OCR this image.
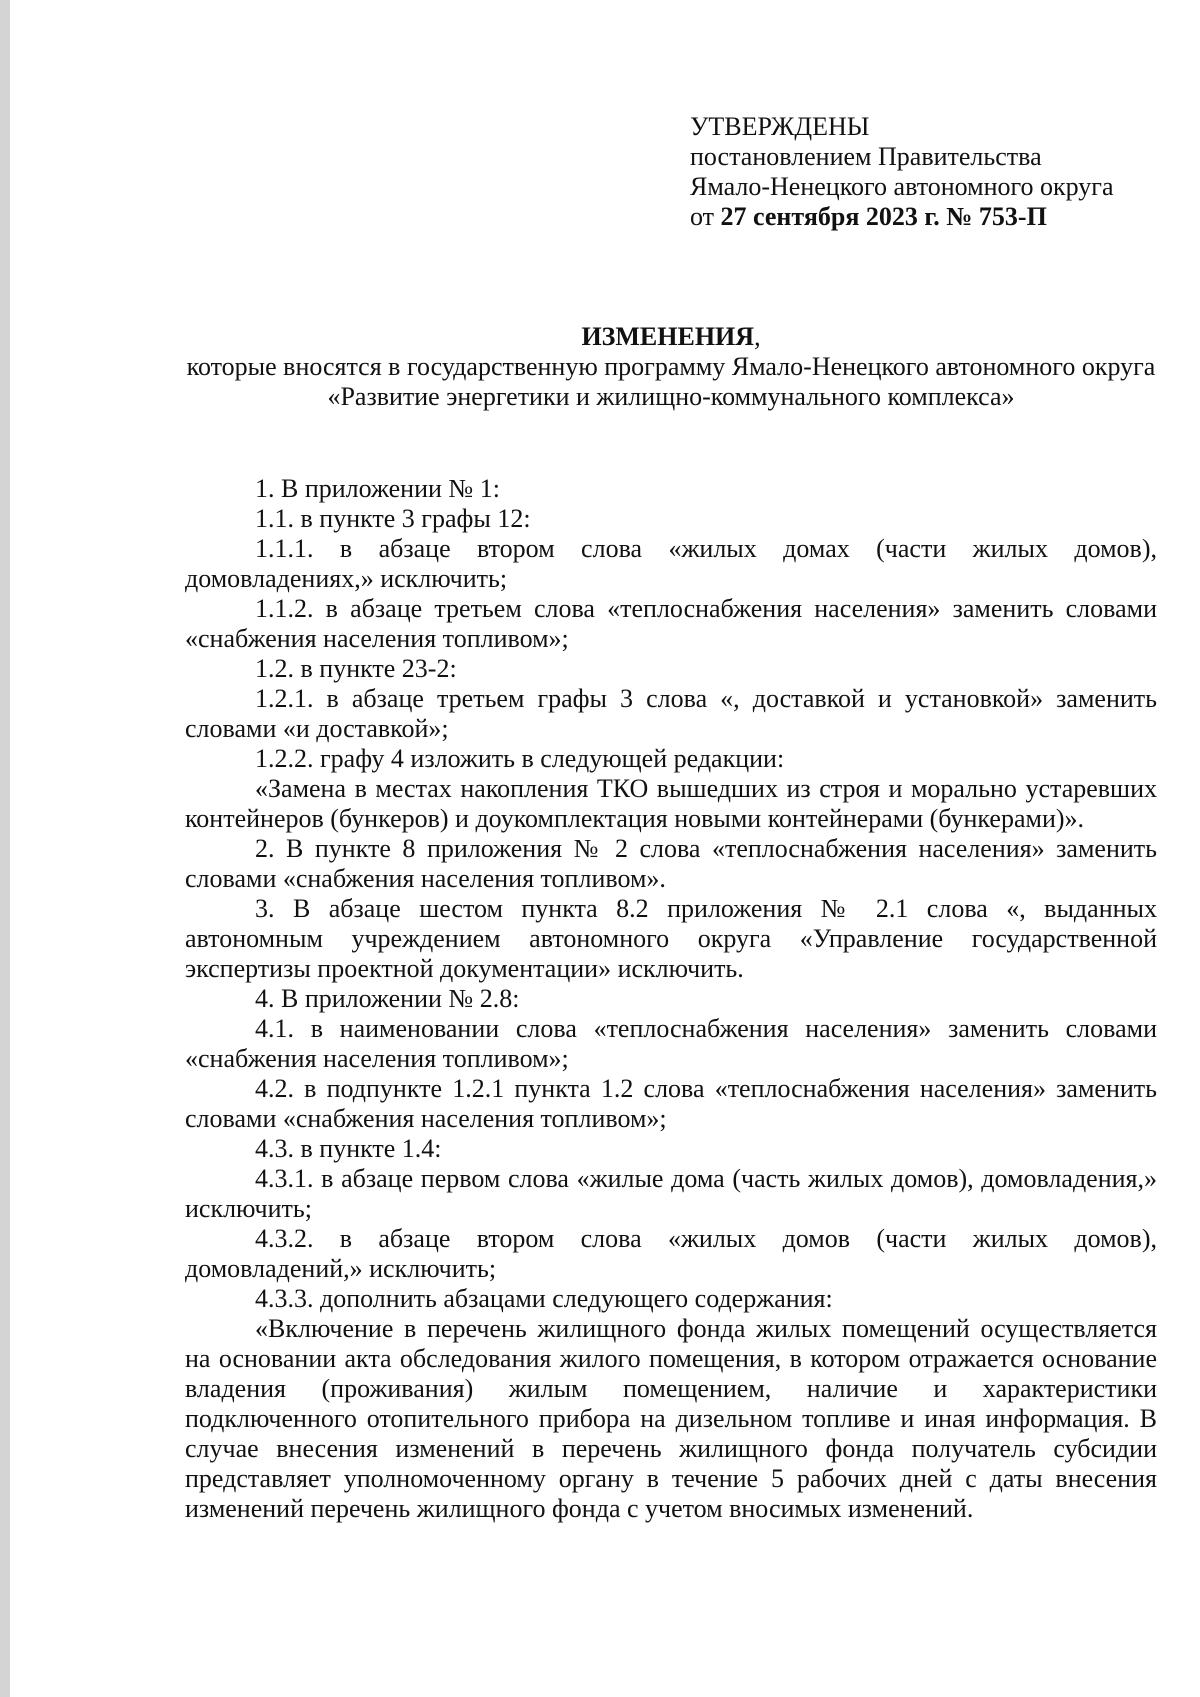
УТВЕРЖДЕНЫ

постановлением Правительства

Ямало-Ненецкого автономного округа

от 27 сентября 2023 г. № 753-П

ИЗМЕНЕНИЯ,
которые вносятся в государственную программу Ямало-Ненецкого автономного округа «Развитие энергетики и жилищно-коммунального комплекса»

1. В приложении № 1:

1.1. в пункте 3 графы 12:

1.1.1. в абзаце втором слова «жилых домах (части жилых домов), домовладениях,» исключить;

1.1.2. в абзаце третьем слова «теплоснабжения населения» заменить словами «снабжения населения топливом»;

1.2. в пункте 23-2:

1.2.1. в абзаце третьем графы 3 слова «, доставкой и установкой» заменить словами «и доставкой»;

1.2.2. графу 4 изложить в следующей редакции:

«Замена в местах накопления ТКО вышедших из строя и морально устаревших контейнеров (бункеров) и доукомплектация новыми контейнерами (бункерами)».

2. В пункте 8 приложения № 2 слова «теплоснабжения населения» заменить словами «снабжения населения топливом».

3. В абзаце шестом пункта 8.2 приложения № 2.1 слова «, выданных автономным учреждением автономного округа «Управление государственной экспертизы проектной документации» исключить.

4. В приложении № 2.8:

4.1. в наименовании слова «теплоснабжения населения» заменить словами «снабжения населения топливом»;

4.2. в подпункте 1.2.1 пункта 1.2 слова «теплоснабжения населения» заменить словами «снабжения населения топливом»;

4.3. в пункте 1.4:

4.3.1. в абзаце первом слова «жилые дома (часть жилых домов), домовладения,» исключить;

4.3.2. в абзаце втором слова «жилых домов (части жилых домов), домовладений,» исключить;

4.3.3. дополнить абзацами следующего содержания:

«Включение в перечень жилищного фонда жилых помещений осуществляется на основании акта обследования жилого помещения, в котором отражается основание владения (проживания) жилым помещением, наличие и характеристики подключенного отопительного прибора на дизельном топливе и иная информация. В случае внесения изменений в перечень жилищного фонда получатель субсидии представляет уполномоченному органу в течение 5 рабочих дней с даты внесения изменений перечень жилищного фонда с учетом вносимых изменений.
